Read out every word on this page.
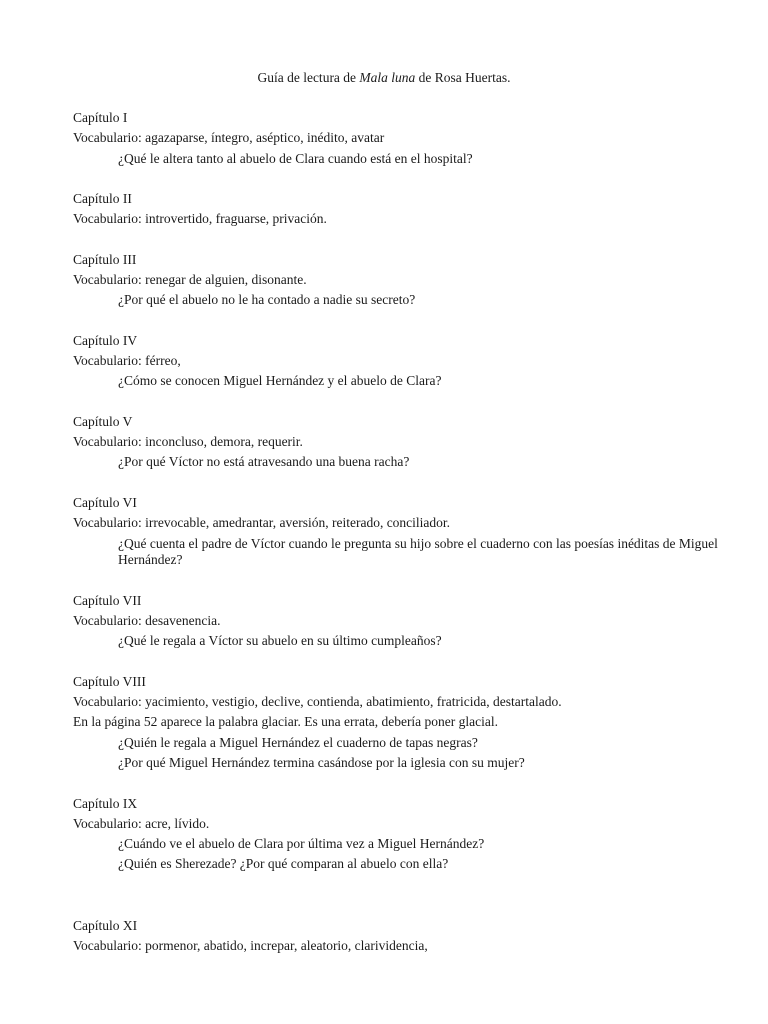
Guía de lectura de Mala luna de Rosa Huertas.
Capítulo I
Vocabulario: agazaparse, íntegro, aséptico, inédito, avatar
¿Qué le altera tanto al abuelo de Clara cuando está en el hospital?
Capítulo II
Vocabulario: introvertido, fraguarse, privación.
Capítulo III
Vocabulario: renegar de alguien, disonante.
¿Por qué el abuelo no le ha contado a nadie su secreto?
Capítulo IV
Vocabulario: férreo,
¿Cómo se conocen Miguel Hernández y el abuelo de Clara?
Capítulo V
Vocabulario: inconcluso, demora, requerir.
¿Por qué Víctor no está atravesando una buena racha?
Capítulo VI
Vocabulario: irrevocable, amedrantar, aversión, reiterado, conciliador.
¿Qué cuenta el padre de Víctor cuando le pregunta su hijo sobre el cuaderno con las poesías inéditas de Miguel Hernández?
Capítulo VII
Vocabulario: desavenencia.
¿Qué le regala a Víctor su abuelo en su último cumpleaños?
Capítulo VIII
Vocabulario: yacimiento, vestigio, declive, contienda, abatimiento, fratricida, destartalado.
En la página 52 aparece la palabra glaciar. Es una errata, debería poner glacial.
¿Quién le regala a Miguel Hernández el cuaderno de tapas negras?
¿Por qué Miguel Hernández termina casándose por la iglesia con su mujer?
Capítulo IX
Vocabulario: acre, lívido.
¿Cuándo ve el abuelo de Clara por última vez a Miguel Hernández?
¿Quién es Sherezade? ¿Por qué comparan al abuelo con ella?
Capítulo XI
Vocabulario: pormenor, abatido, increpar, aleatorio, clarividencia,
